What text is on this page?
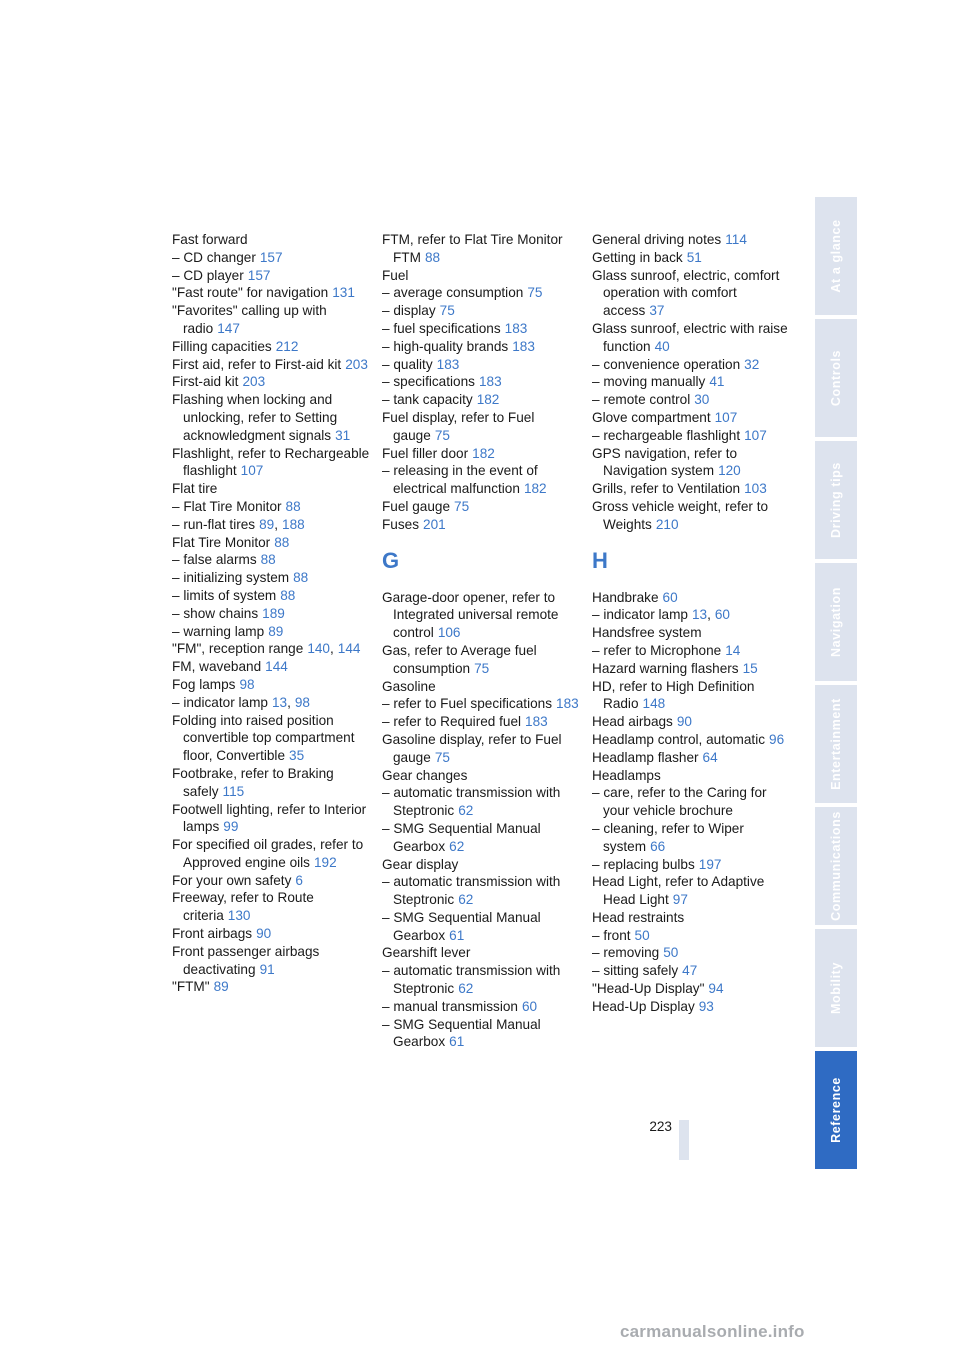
Fast forward
– CD changer 157
– CD player 157
"Fast route" for navigation 131
"Favorites" calling up with radio 147
Filling capacities 212
First aid, refer to First-aid kit 203
First-aid kit 203
Flashing when locking and unlocking, refer to Setting acknowledgment signals 31
Flashlight, refer to Rechargeable flashlight 107
Flat tire
– Flat Tire Monitor 88
– run-flat tires 89, 188
Flat Tire Monitor 88
– false alarms 88
– initializing system 88
– limits of system 88
– show chains 189
– warning lamp 89
"FM", reception range 140, 144
FM, waveband 144
Fog lamps 98
– indicator lamp 13, 98
Folding into raised position convertible top compartment floor, Convertible 35
Footbrake, refer to Braking safely 115
Footwell lighting, refer to Interior lamps 99
For specified oil grades, refer to Approved engine oils 192
For your own safety 6
Freeway, refer to Route criteria 130
Front airbags 90
Front passenger airbags deactivating 91
"FTM" 89
FTM, refer to Flat Tire Monitor FTM 88
Fuel
– average consumption 75
– display 75
– fuel specifications 183
– high-quality brands 183
– quality 183
– specifications 183
– tank capacity 182
Fuel display, refer to Fuel gauge 75
Fuel filler door 182
– releasing in the event of electrical malfunction 182
Fuel gauge 75
Fuses 201
G
Garage-door opener, refer to Integrated universal remote control 106
Gas, refer to Average fuel consumption 75
Gasoline
– refer to Fuel specifications 183
– refer to Required fuel 183
Gasoline display, refer to Fuel gauge 75
Gear changes
– automatic transmission with Steptronic 62
– SMG Sequential Manual Gearbox 62
Gear display
– automatic transmission with Steptronic 62
– SMG Sequential Manual Gearbox 61
Gearshift lever
– automatic transmission with Steptronic 62
– manual transmission 60
– SMG Sequential Manual Gearbox 61
General driving notes 114
Getting in back 51
Glass sunroof, electric, comfort operation with comfort access 37
Glass sunroof, electric with raise function 40
– convenience operation 32
– moving manually 41
– remote control 30
Glove compartment 107
– rechargeable flashlight 107
GPS navigation, refer to Navigation system 120
Grills, refer to Ventilation 103
Gross vehicle weight, refer to Weights 210
H
Handbrake 60
– indicator lamp 13, 60
Handsfree system
– refer to Microphone 14
Hazard warning flashers 15
HD, refer to High Definition Radio 148
Head airbags 90
Headlamp control, automatic 96
Headlamp flasher 64
Headlamps
– care, refer to the Caring for your vehicle brochure
– cleaning, refer to Wiper system 66
– replacing bulbs 197
Head Light, refer to Adaptive Head Light 97
Head restraints
– front 50
– removing 50
– sitting safely 47
"Head-Up Display" 94
Head-Up Display 93
At a glance
Controls
Driving tips
Navigation
Entertainment
Communications
Mobility
Reference
223
carmanualsonline.info
